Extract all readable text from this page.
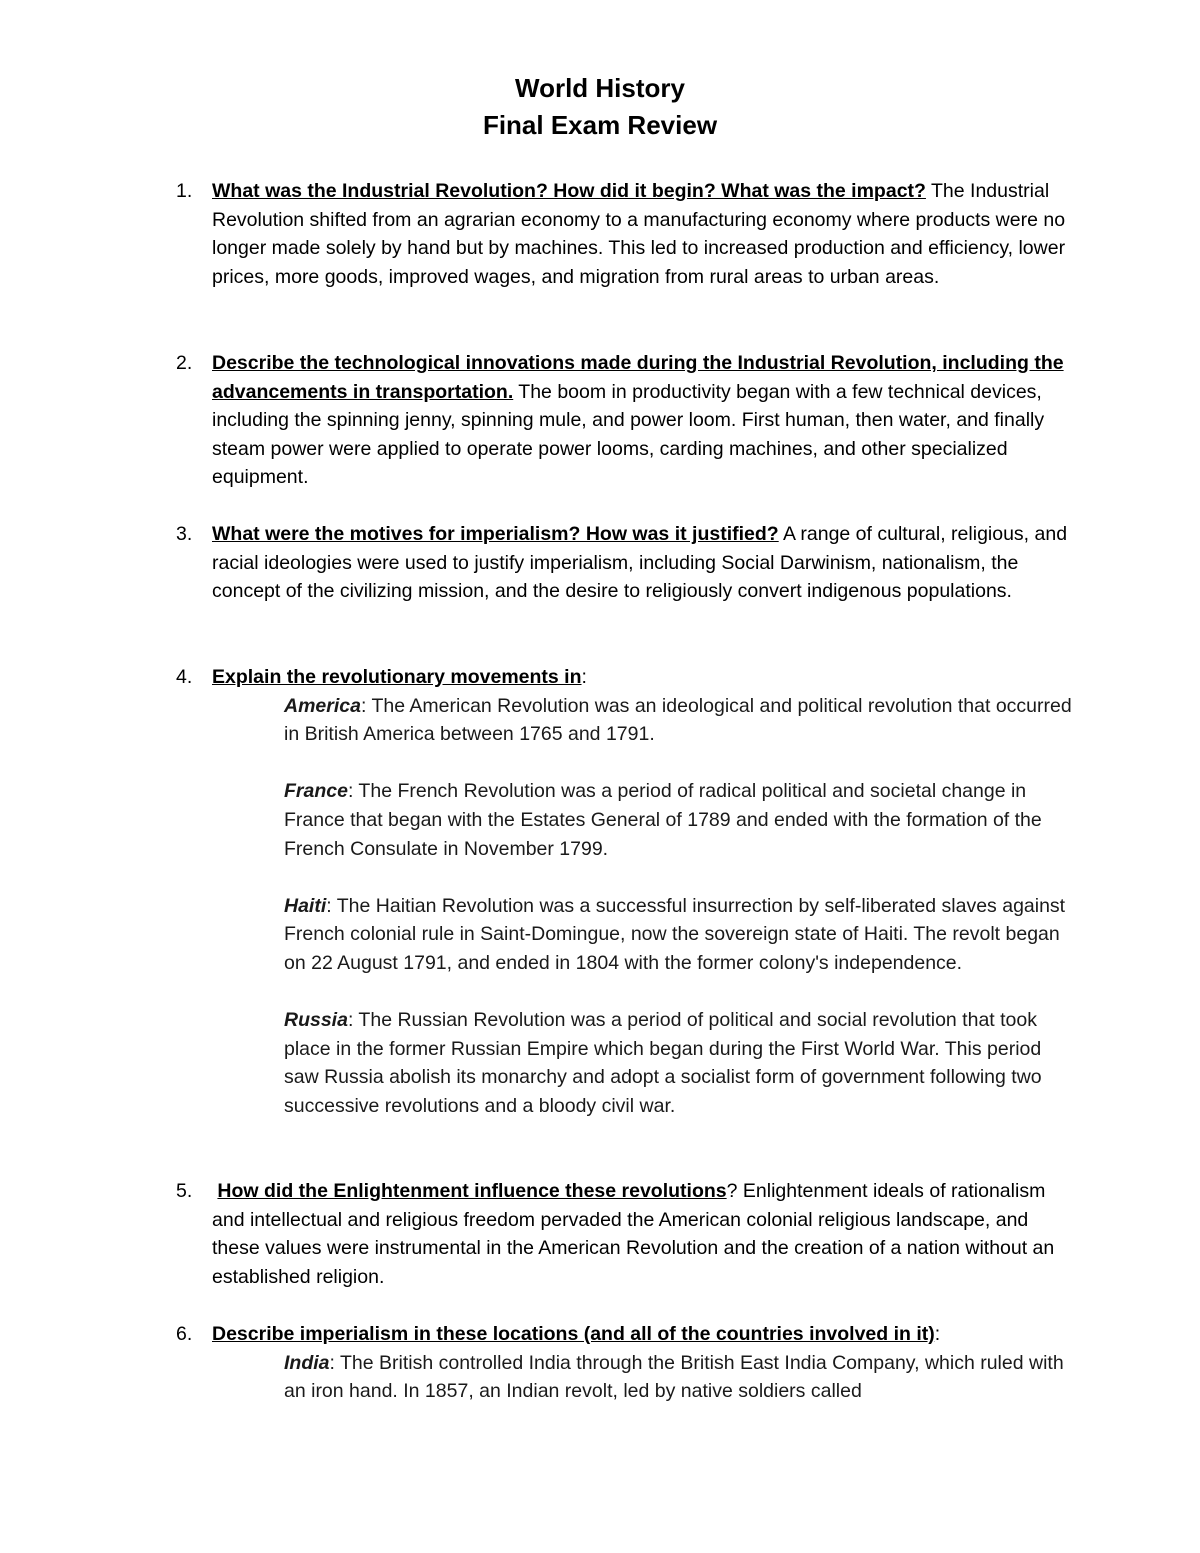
World History
Final Exam Review
1.	What was the Industrial Revolution? How did it begin? What was the impact? The Industrial Revolution shifted from an agrarian economy to a manufacturing economy where products were no longer made solely by hand but by machines. This led to increased production and efficiency, lower prices, more goods, improved wages, and migration from rural areas to urban areas.
2.	Describe the technological innovations made during the Industrial Revolution, including the advancements in transportation. The boom in productivity began with a few technical devices, including the spinning jenny, spinning mule, and power loom. First human, then water, and finally steam power were applied to operate power looms, carding machines, and other specialized equipment.
3.	What were the motives for imperialism? How was it justified? A range of cultural, religious, and racial ideologies were used to justify imperialism, including Social Darwinism, nationalism, the concept of the civilizing mission, and the desire to religiously convert indigenous populations.
4.	Explain the revolutionary movements in:
America: The American Revolution was an ideological and political revolution that occurred in British America between 1765 and 1791.
France: The French Revolution was a period of radical political and societal change in France that began with the Estates General of 1789 and ended with the formation of the French Consulate in November 1799.
Haiti: The Haitian Revolution was a successful insurrection by self-liberated slaves against French colonial rule in Saint-Domingue, now the sovereign state of Haiti. The revolt began on 22 August 1791, and ended in 1804 with the former colony's independence.
Russia: The Russian Revolution was a period of political and social revolution that took place in the former Russian Empire which began during the First World War. This period saw Russia abolish its monarchy and adopt a socialist form of government following two successive revolutions and a bloody civil war.
5.	How did the Enlightenment influence these revolutions? Enlightenment ideals of rationalism and intellectual and religious freedom pervaded the American colonial religious landscape, and these values were instrumental in the American Revolution and the creation of a nation without an established religion.
6.	Describe imperialism in these locations (and all of the countries involved in it):
India: The British controlled India through the British East India Company, which ruled with an iron hand. In 1857, an Indian revolt, led by native soldiers called
